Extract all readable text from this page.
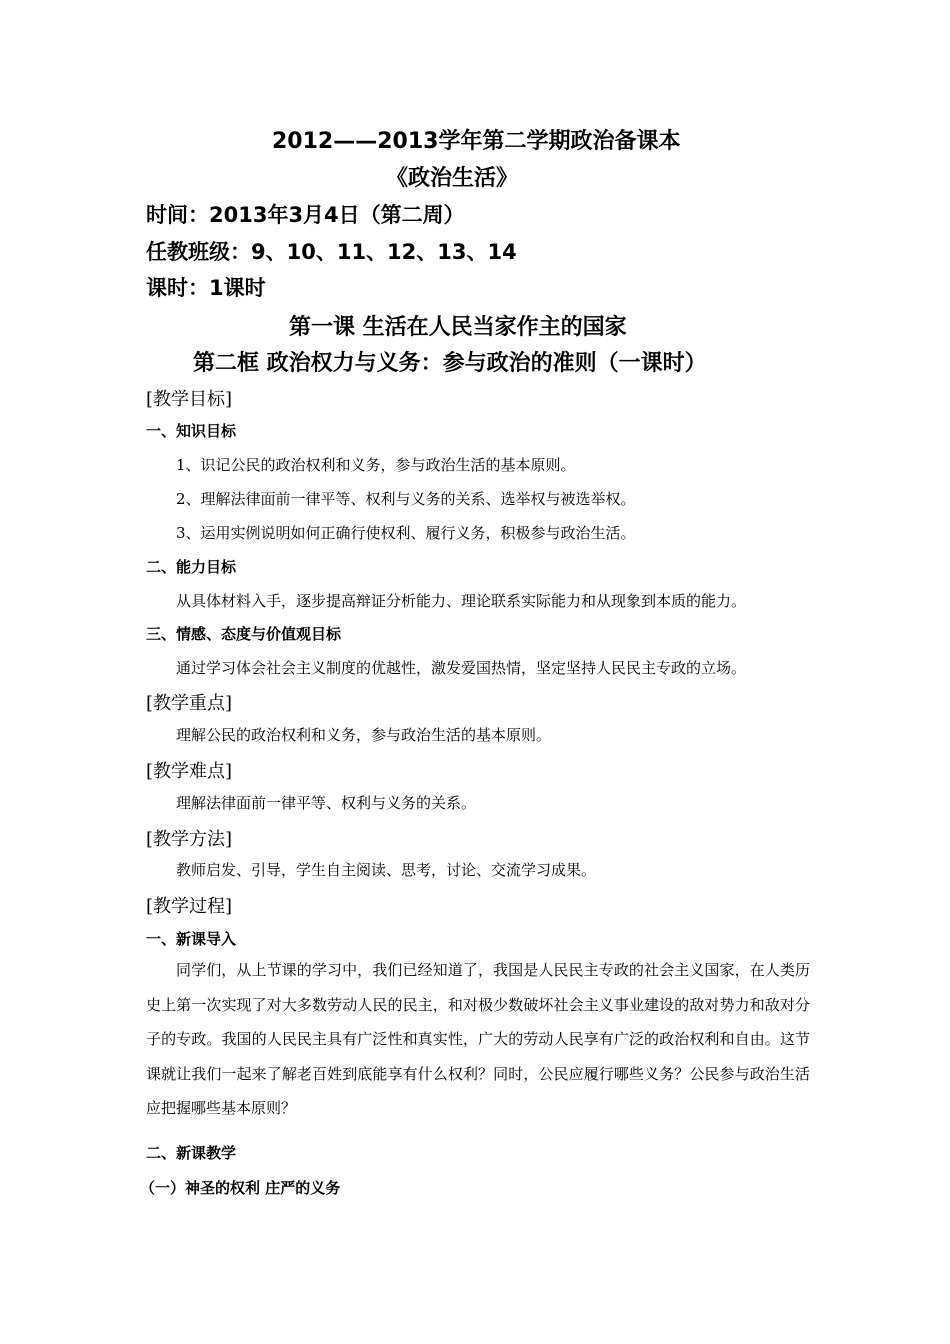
2012——2013学年第二学期政治备课本
《政治生活》
时间：2013年3月4日（第二周）
任教班级：9、10、11、12、13、14
课时：1课时
第一课 生活在人民当家作主的国家
第二框 政治权力与义务：参与政治的准则（一课时）
[教学目标]
一、知识目标
1、识记公民的政治权利和义务，参与政治生活的基本原则。
2、理解法律面前一律平等、权利与义务的关系、选举权与被选举权。
3、运用实例说明如何正确行使权利、履行义务，积极参与政治生活。
二、能力目标
从具体材料入手，逐步提高辩证分析能力、理论联系实际能力和从现象到本质的能力。
三、情感、态度与价值观目标
通过学习体会社会主义制度的优越性，激发爱国热情，坚定坚持人民民主专政的立场。
[教学重点]
理解公民的政治权利和义务，参与政治生活的基本原则。
[教学难点]
理解法律面前一律平等、权利与义务的关系。
[教学方法]
教师启发、引导，学生自主阅读、思考，讨论、交流学习成果。
[教学过程]
一、新课导入

同学们，从上节课的学习中，我们已经知道了，我国是人民民主专政的社会主义国家，在人类历史上第一次实现了对大多数劳动人民的民主，和对极少数破坏社会主义事业建设的敌对势力和敌对分子的专政。我国的人民民主具有广泛性和真实性，广大的劳动人民享有广泛的政治权利和自由。这节课就让我们一起来了解老百姓到底能享有什么权利？同时，公民应履行哪些义务？公民参与政治生活应把握哪些基本原则？

二、新课教学
（一）神圣的权利 庄严的义务
